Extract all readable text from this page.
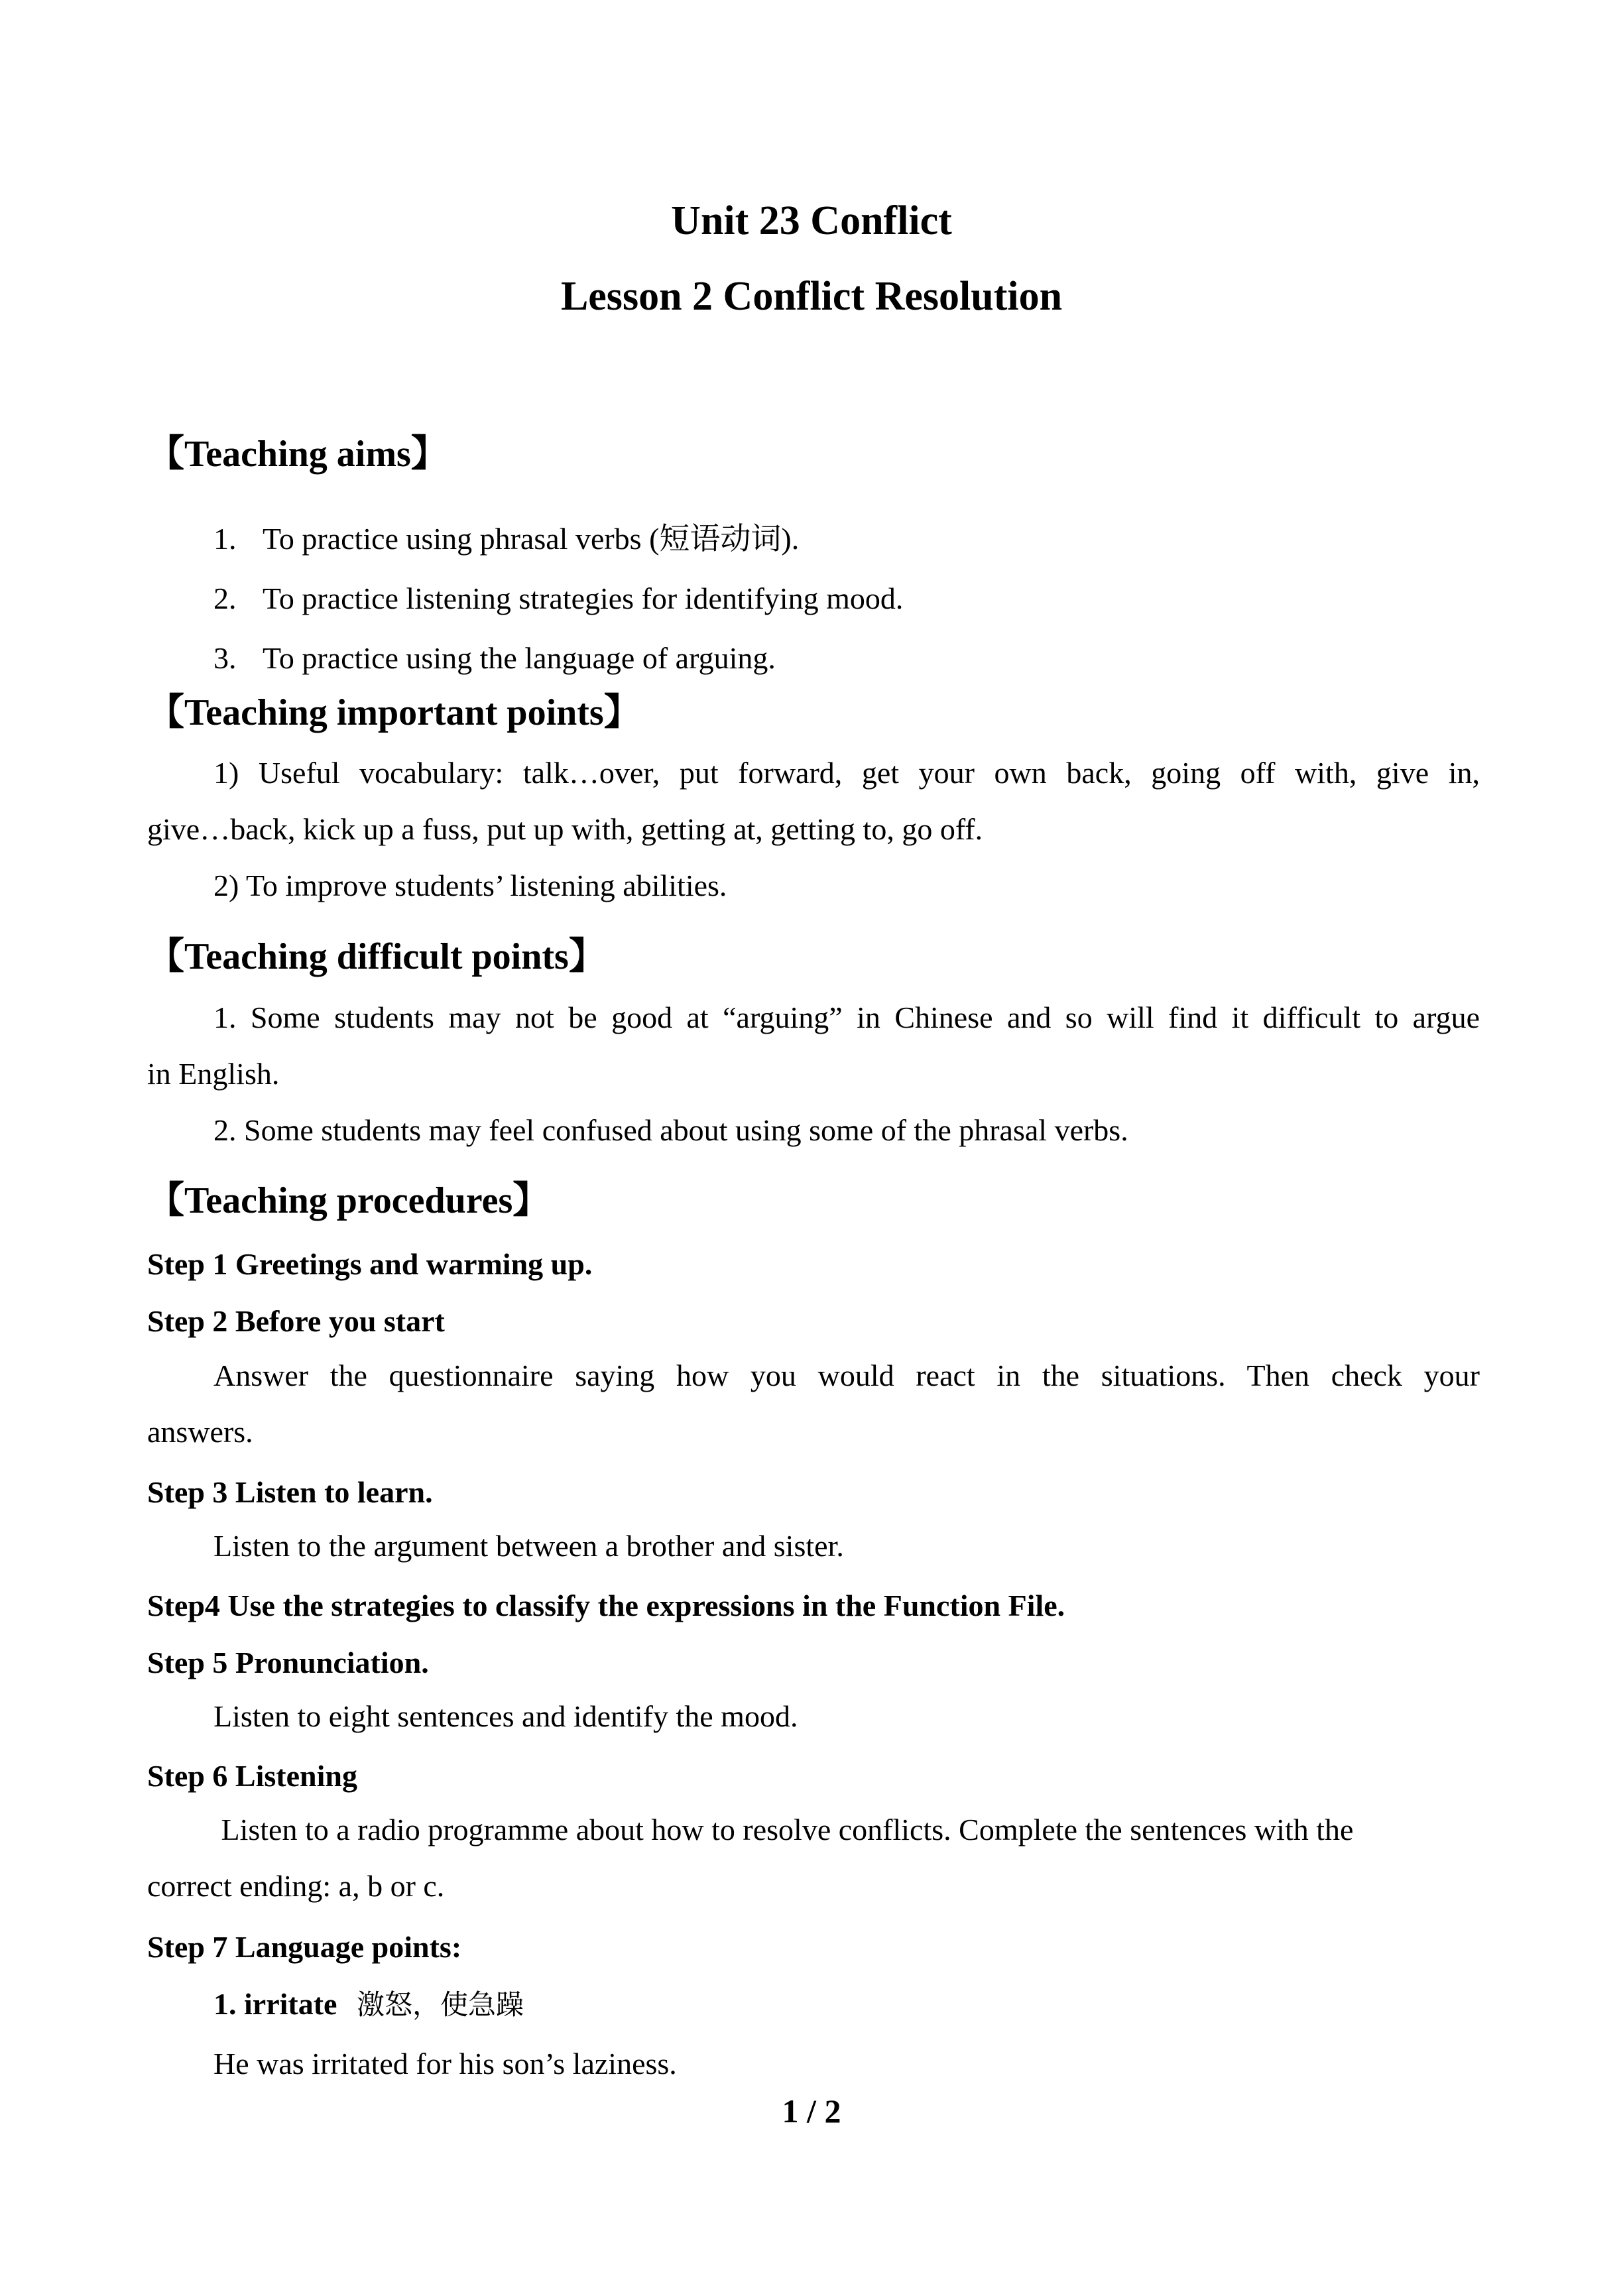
Unit 23 Conflict
Lesson 2 Conflict Resolution
【Teaching aims】
1. To practice using phrasal verbs (短语动词).
2. To practice listening strategies for identifying mood.
3. To practice using the language of arguing.
【Teaching important points】
1) Useful vocabulary: talk…over, put forward, get your own back, going off with, give in,
give…back, kick up a fuss, put up with, getting at, getting to, go off.
2) To improve students’ listening abilities.
【Teaching difficult points】
1. Some students may not be good at “arguing” in Chinese and so will find it difficult to argue
in English.
2. Some students may feel confused about using some of the phrasal verbs.
【Teaching procedures】
Step 1 Greetings and warming up.
Step 2 Before you start
Answer the questionnaire saying how you would react in the situations. Then check your
answers.
Step 3 Listen to learn.
Listen to the argument between a brother and sister.
Step4 Use the strategies to classify the expressions in the Function File.
Step 5 Pronunciation.
Listen to eight sentences and identify the mood.
Step 6 Listening
Listen to a radio programme about how to resolve conflicts. Complete the sentences with the
correct ending: a, b or c.
Step 7 Language points:
1. irritate 激怒，使急躁
He was irritated for his son’s laziness.
1 / 2
